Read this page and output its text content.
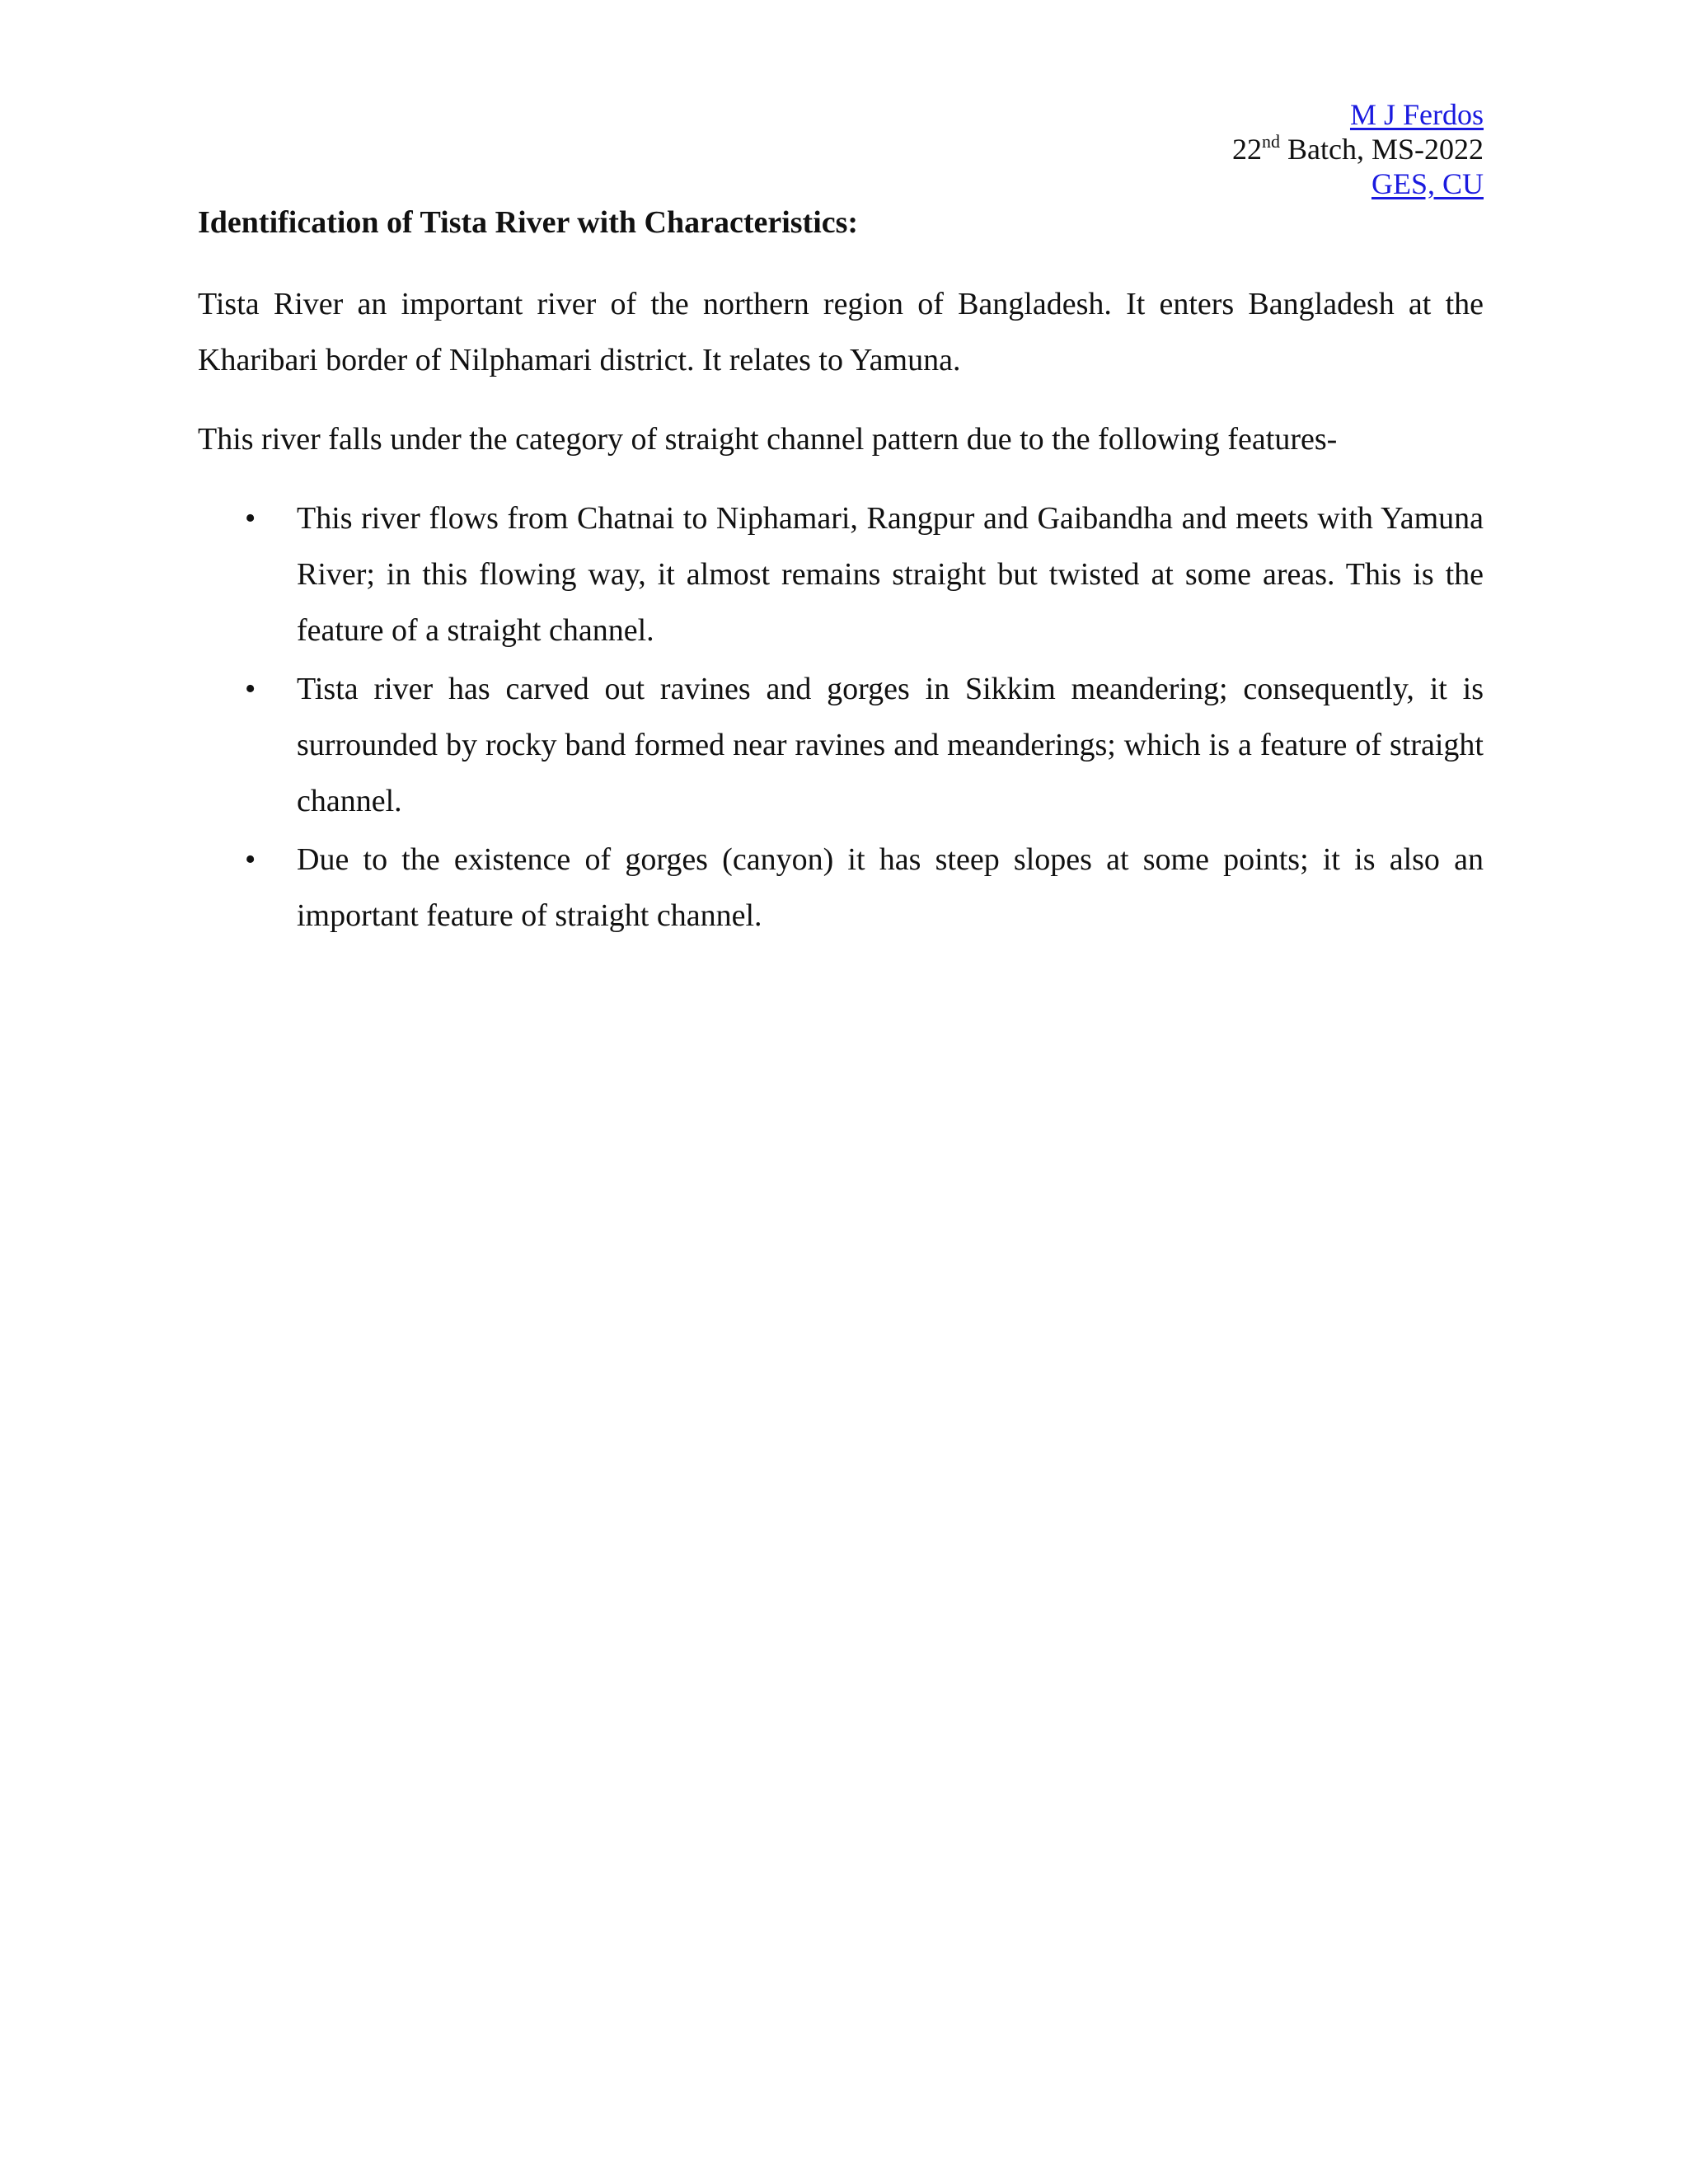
M J Ferdos
22nd Batch, MS-2022
GES, CU
Identification of Tista River with Characteristics:

Tista River an important river of the northern region of Bangladesh. It enters Bangladesh at the Kharibari border of Nilphamari district. It relates to Yamuna.

This river falls under the category of straight channel pattern due to the following features-

• This river flows from Chatnai to Niphamari, Rangpur and Gaibandha and meets with Yamuna River; in this flowing way, it almost remains straight but twisted at some areas. This is the feature of a straight channel.
• Tista river has carved out ravines and gorges in Sikkim meandering; consequently, it is surrounded by rocky band formed near ravines and meanderings; which is a feature of straight channel.
• Due to the existence of gorges (canyon) it has steep slopes at some points; it is also an important feature of straight channel.
